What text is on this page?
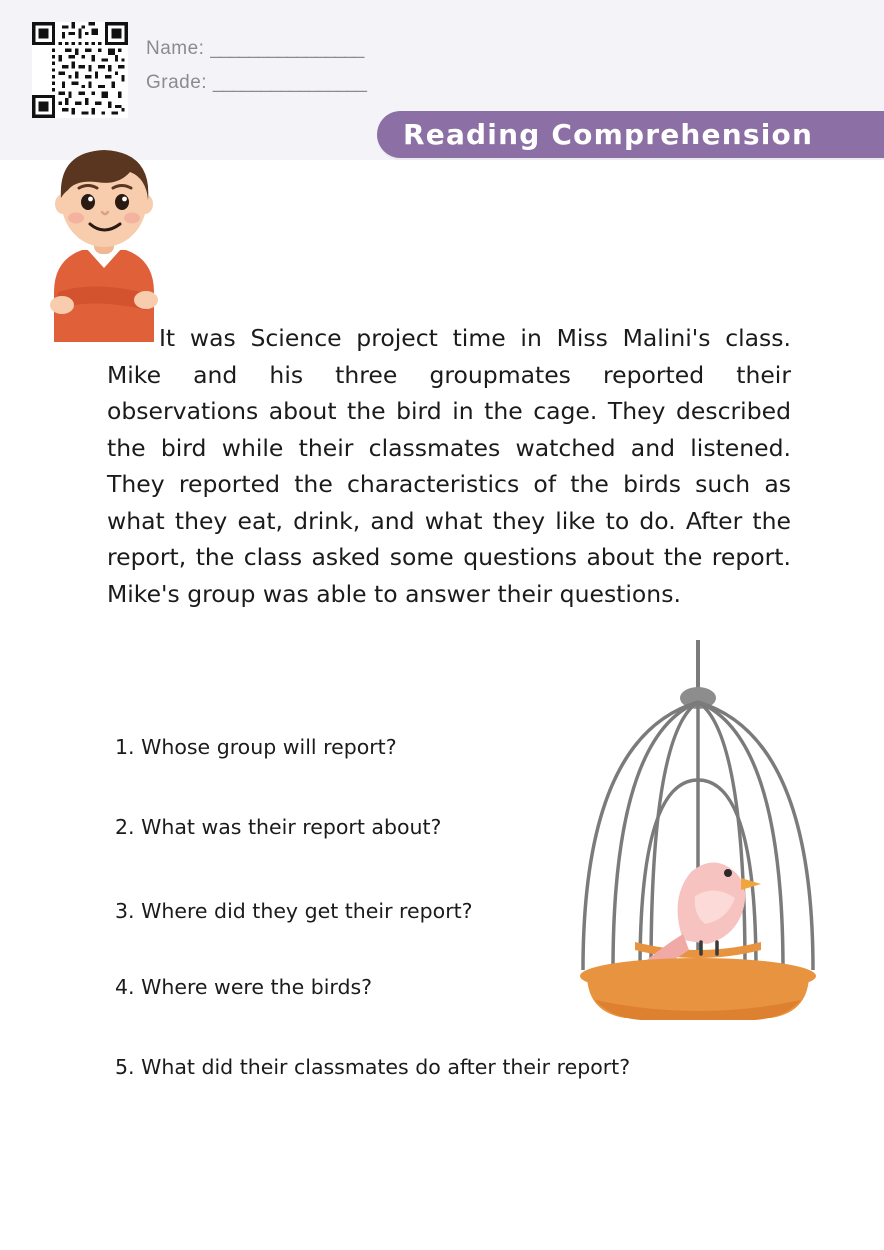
Name: ________________
Grade: ________________
Reading Comprehension
It was Science project time in Miss Malini's class. Mike and his three groupmates reported their observations about the bird in the cage. They described the bird while their classmates watched and listened. They reported the characteristics of the birds such as what they eat, drink, and what they like to do. After the report, the class asked some questions about the report. Mike's group was able to answer their questions.
1. Whose group will report?
2. What was their report about?
3. Where did they get their report?
4. Where were the birds?
5. What did their classmates do after their report?
